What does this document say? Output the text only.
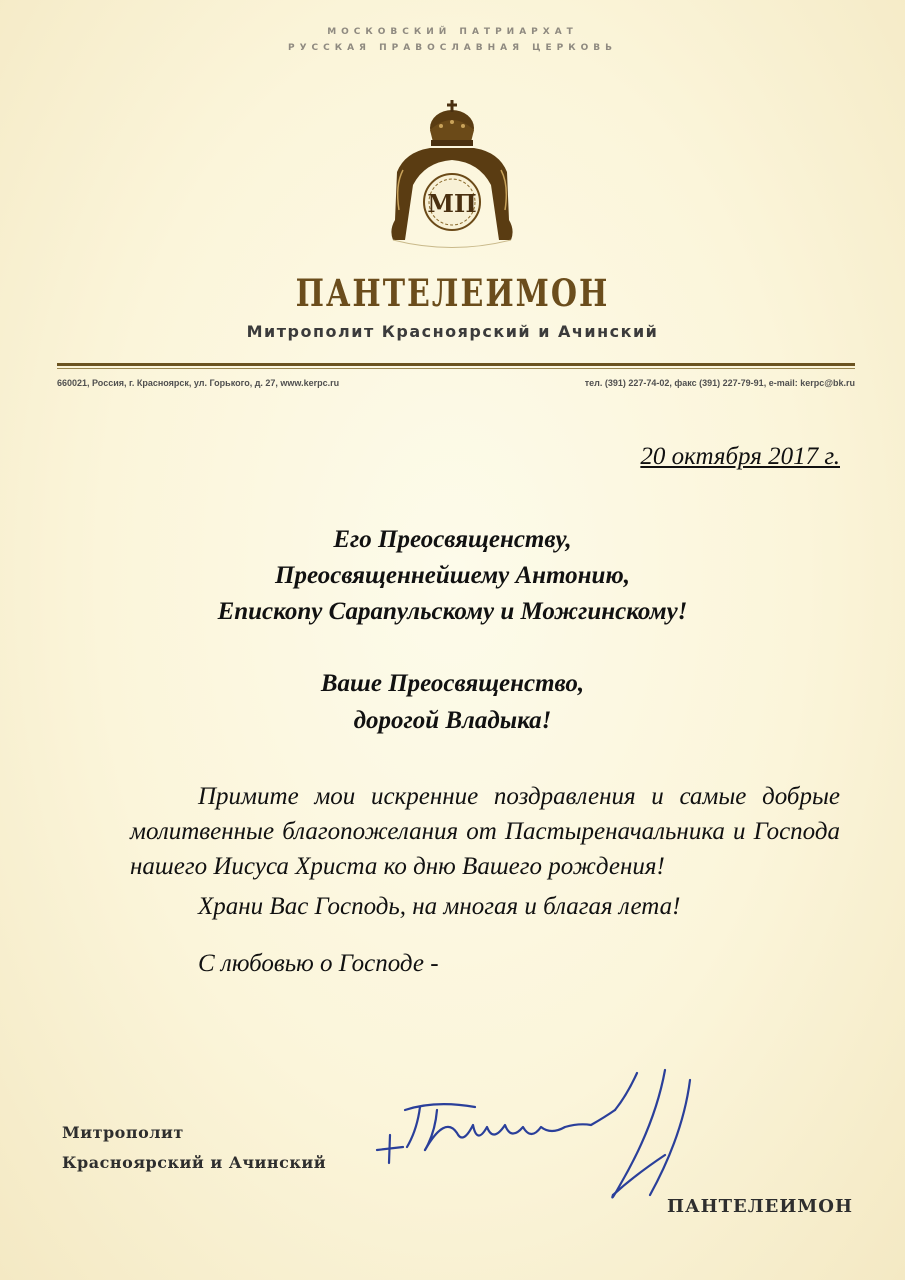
МОСКОВСКИЙ ПАТРИАРХАТ
РУССКАЯ ПРАВОСЛАВНАЯ ЦЕРКОВЬ
МП
ПАНТЕЛЕИМОН
Митрополит Красноярский и Ачинский
660021, Россия, г. Красноярск, ул. Горького, д. 27, www.kerpc.ru	тел. (391) 227-74-02, факс (391) 227-79-91, e-mail: kerpc@bk.ru
20 октября 2017 г.
Его Преосвященству,
Преосвященнейшему Антонию,
Епископу Сарапульскому и Можгинскому!
Ваше Преосвященство,
дорогой Владыка!
Примите мои искренние поздравления и самые добрые молитвенные благопожелания от Пастыреначальника и Господа нашего Иисуса Христа ко дню Вашего рождения!
Храни Вас Господь, на многая и благая лета!
С любовью о Господе -
Митрополит
Красноярский и Ачинский
ПАНТЕЛЕИМОН
